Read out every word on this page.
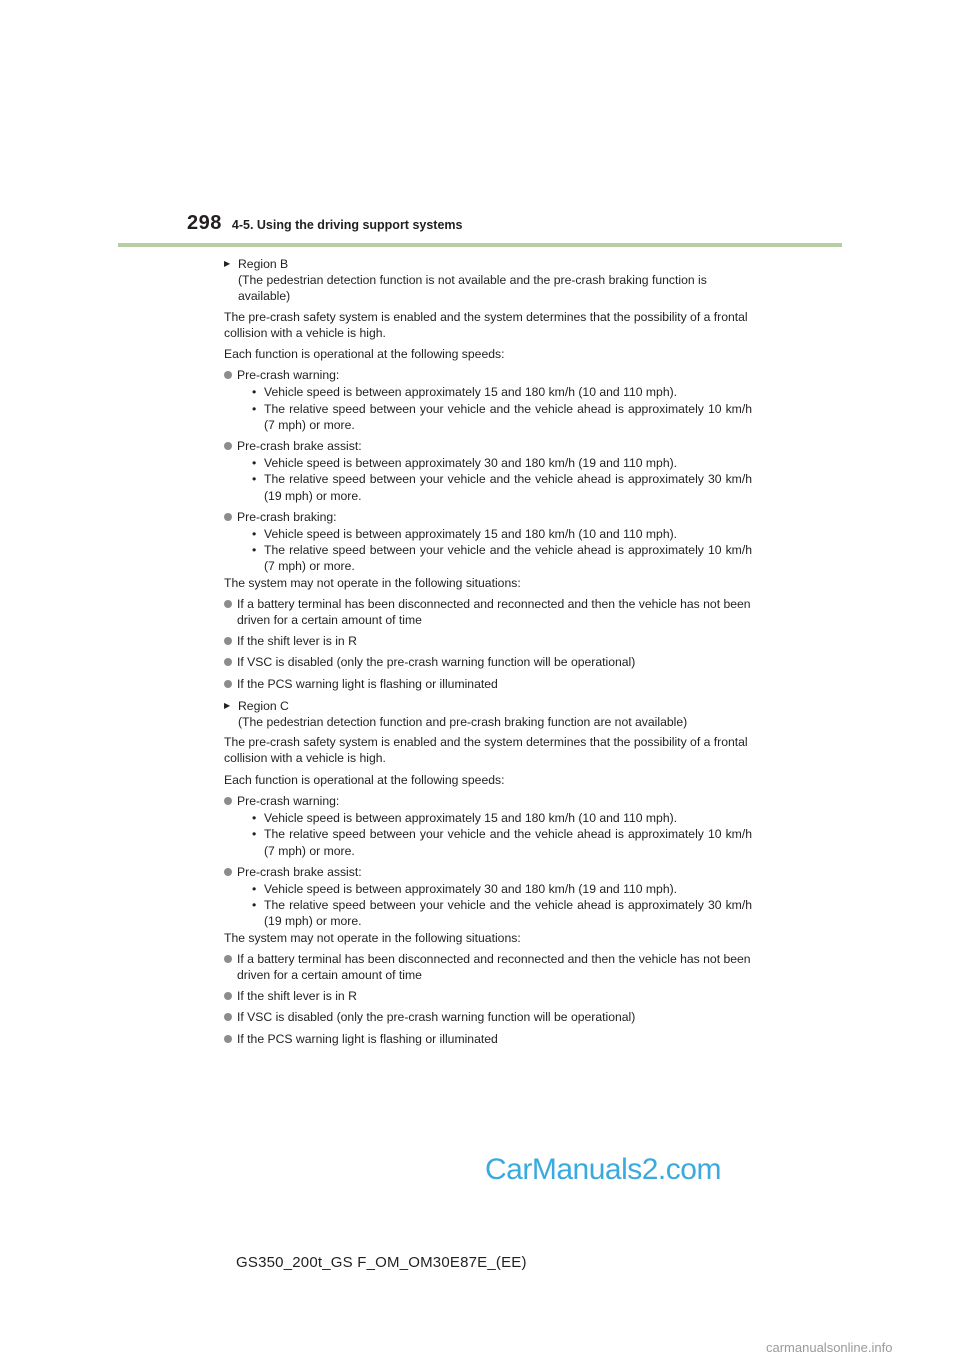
298 4-5. Using the driving support systems
▶ Region B

(The pedestrian detection function is not available and the pre-crash braking function is available)

The pre-crash safety system is enabled and the system determines that the possibility of a frontal collision with a vehicle is high.

Each function is operational at the following speeds:

Pre-crash warning:
• Vehicle speed is between approximately 15 and 180 km/h (10 and 110 mph).
• The relative speed between your vehicle and the vehicle ahead is approximately 10 km/h (7 mph) or more.
Pre-crash brake assist:
• Vehicle speed is between approximately 30 and 180 km/h (19 and 110 mph).
• The relative speed between your vehicle and the vehicle ahead is approximately 30 km/h (19 mph) or more.
Pre-crash braking:
• Vehicle speed is between approximately 15 and 180 km/h (10 and 110 mph).
• The relative speed between your vehicle and the vehicle ahead is approximately 10 km/h (7 mph) or more.

The system may not operate in the following situations:

If a battery terminal has been disconnected and reconnected and then the vehicle has not been driven for a certain amount of time
If the shift lever is in R
If VSC is disabled (only the pre-crash warning function will be operational)
If the PCS warning light is flashing or illuminated
▶ Region C

(The pedestrian detection function and pre-crash braking function are not available)

The pre-crash safety system is enabled and the system determines that the possibility of a frontal collision with a vehicle is high.

Each function is operational at the following speeds:

Pre-crash warning:
• Vehicle speed is between approximately 15 and 180 km/h (10 and 110 mph).
• The relative speed between your vehicle and the vehicle ahead is approximately 10 km/h (7 mph) or more.
Pre-crash brake assist:
• Vehicle speed is between approximately 30 and 180 km/h (19 and 110 mph).
• The relative speed between your vehicle and the vehicle ahead is approximately 30 km/h (19 mph) or more.

The system may not operate in the following situations:

If a battery terminal has been disconnected and reconnected and then the vehicle has not been driven for a certain amount of time
If the shift lever is in R
If VSC is disabled (only the pre-crash warning function will be operational)
If the PCS warning light is flashing or illuminated
CarManuals2.com
GS350_200t_GS F_OM_OM30E87E_(EE)
carmanualsonline.info
